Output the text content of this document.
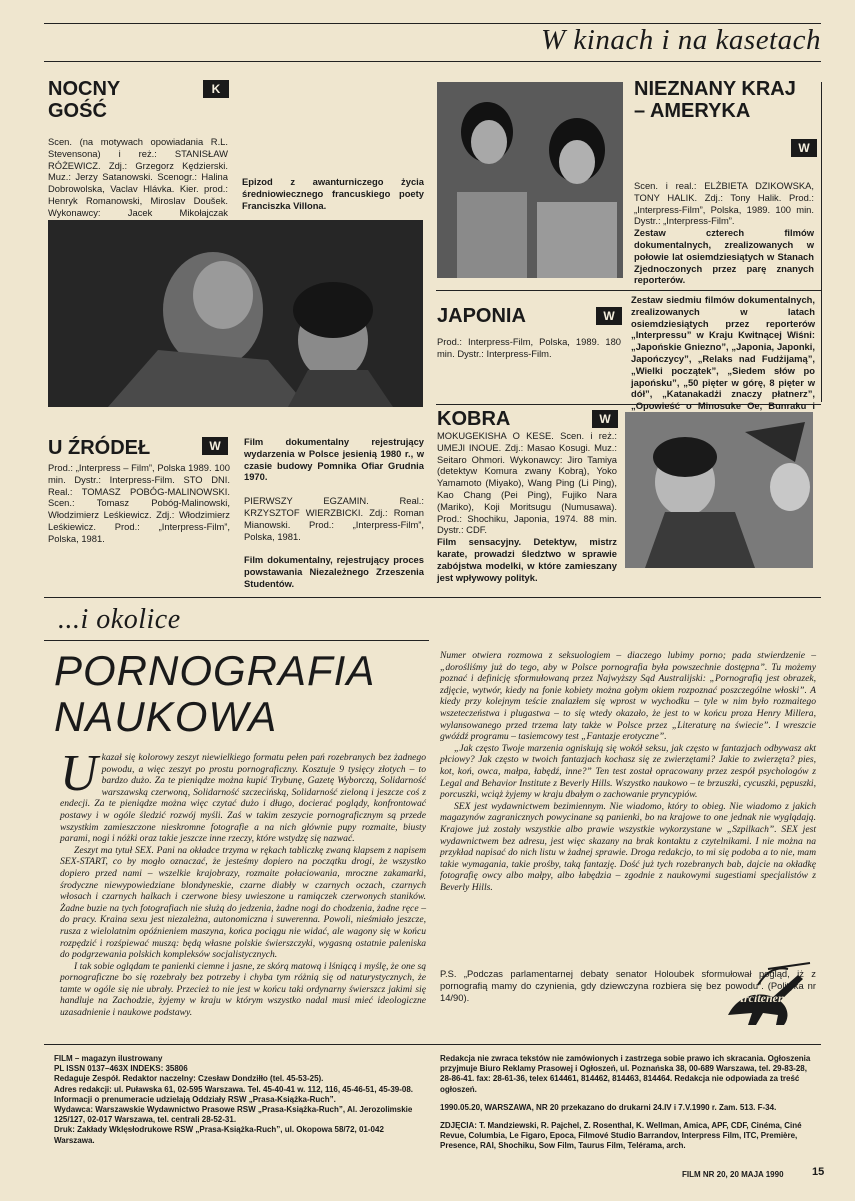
W kinach i na kasetach
NOCNY
GOŚĆ
K

Scen. (na motywach opowiadania R.L. Stevensona) i reż.: STANISŁAW RÓŻEWICZ. Zdj.: Grzegorz Kędzierski. Muz.: Jerzy Satanowski. Scenogr.: Halina Dobrowolska, Vaclav Hlávka. Kier. prod.: Henryk Romanowski, Miroslav Doušek. Wykonawcy: Jacek Mikołajczak

Epizod z awanturniczego życia średniowiecznego francuskiego poety Franciszka Villona.

NIEZNANY KRAJ
– AMERYKA
W

Scen. i real.: ELŻBIETA DZIKOWSKA, TONY HALIK. Zdj.: Tony Halik. Prod.: „Interpress-Film”, Polska, 1989. 100 min. Dystr.: „Interpress-Film”.

Zestaw czterech filmów dokumentalnych, zrealizowanych w połowie lat osiemdziesiątych w Stanach Zjednoczonych przez parę znanych reporterów.

JAPONIA	W

Prod.: Interpress-Film, Polska, 1989. 180 min. Dystr.: Interpress-Film.

Zestaw siedmiu filmów dokumentalnych, zrealizowanych w latach osiemdziesiątych przez reporterów „Interpressu” w Kraju Kwitnącej Wiśni: „Japońskie Gniezno”, „Japonia, Japonki, Japończycy”, „Relaks nad Fudżijamą”, „Wielki początek”, „Siedem słów po japońsku”, „50 pięter w górę, 8 pięter w dół”, „Katanakadżi znaczy płatnerz”, „Opowieść o Minosuke Oe, Bunraku i

KOBRA	W

MOKUGEKISHA O KESE. Scen. i reż.: UMEJI INOUE. Zdj.: Masao Kosugi. Muz.: Seitaro Ohmori. Wykonawcy: Jiro Tamiya (detektyw Komura zwany Kobrą), Yoko Yamamoto (Miyako), Wang Ping (Li Ping), Kao Chang (Pei Ping), Fujiko Nara (Mariko), Koji Moritsugu (Numusawa). Prod.: Shochiku, Japonia, 1974. 88 min. Dystr.: CDF.

Film sensacyjny. Detektyw, mistrz karate, prowadzi śledztwo w sprawie zabójstwa modelki, w które zamieszany jest wpływowy polityk.

U ŹRÓDEŁ	W

Prod.: „Interpress – Film”, Polska 1989. 100 min. Dystr.: Interpress-Film. STO DNI. Real.: TOMASZ POBÓG-MALINOWSKI. Scen.: Tomasz Pobóg-Malinowski, Włodzimierz Leśkiewicz. Zdj.: Włodzimierz Leśkiewicz. Prod.: „Interpress-Film”, Polska, 1981.

Film dokumentalny rejestrujący wydarzenia w Polsce jesienią 1980 r., w czasie budowy Pomnika Ofiar Grudnia 1970.

PIERWSZY EGZAMIN. Real.: KRZYSZTOF WIERZBICKI. Zdj.: Roman Mianowski. Prod.: „Interpress-Film”, Polska, 1981.

Film dokumentalny, rejestrujący proces powstawania Niezależnego Zrzeszenia Studentów.

...i okolice
PORNOGRAFIA
NAUKOWA
U kazał się kolorowy zeszyt niewielkiego formatu pełen pań rozebranych bez żadnego powodu, a więc zeszyt po prostu pornograficzny. Kosztuje 9 tysięcy złotych – to bardzo dużo. Za te pieniądze można kupić Trybunę, Gazetę Wyborczą, Solidarność warszawską czerwoną, Solidarność szczecińską, Solidarność zieloną i jeszcze coś z endecji. Za te pieniądze można więc czytać dużo i długo, docierać poglądy, konfrontować postawy i w ogóle śledzić rozwój myśli. Zaś w takim zeszycie pornograficznym są przede wszystkim zamieszczone nieskromne fotografie a na nich głównie pupy rozmaite, biusty parami, nogi i nóżki oraz takie jeszcze inne rzeczy, które wstydzę się nazwać.

Zeszyt ma tytuł SEX. Pani na okładce trzyma w rękach tabliczkę zwaną klapsem z napisem SEX-START, co by mogło oznaczać, że jesteśmy dopiero na początku drogi, że wszystko dopiero przed nami – wszelkie krajobrazy, rozmaite połaciowania, mroczne zakamarki, środyczne niewypowiedziane blondyneskie, czarne diabły w czarnych oczach, czarnych włosach i czarnych halkach i czerwone biesy uwieszone u ramiączek czerwonych staników. Żadne buzie na tych fotografiach nie służą do jedzenia, żadne nogi do chodzenia, żadne ręce – do pracy. Kraina sexu jest niezależna, autonomiczna i suwerenna. Powoli, nieśmiało jeszcze, rusza z wielolatnim opóźnieniem maszyna, końca pociągu nie widać, ale wagony się w końcu rozpędzić i rozśpiewać muszą: będą własne polskie świerszczyki, wygasną ostatnie paleniska do podgrzewania polskich kompleksów socjalistycznych.

I tak sobie oglądam te panienki ciemne i jasne, ze skórą matową i lśniącą i myślę, że one są pornograficzne bo się rozebrały bez potrzeby i chyba tym różnią się od naturystycznych, że tamte w ogóle się nie ubrały. Przecież to nie jest w końcu taki ordynarny świerszcz jakimi się handluje na Zachodzie, żyjemy w kraju w którym wszystko nadal musi mieć ideologiczne uzasadnienie i naukowe podstawy.

Numer otwiera rozmowa z seksuologiem – diaczego lubimy porno; pada stwierdzenie – „dorośliśmy już do tego, aby w Polsce pornografia była powszechnie dostępna”. Tu możemy poznać i definicję sformułowaną przez Najwyższy Sąd Australijski: „Pornografią jest obrazek, zdjęcie, wytwór, kiedy na fonie kobiety można gołym okiem rozpoznać poszczególne włoski”. A kiedy przy kolejnym teście znalazłem się wprost w wychodku – tyle w nim było rozmaitego wszeteczeństwa i plugastwa – to się wtedy okazało, że jest to w końcu proza Henry Millera, wylansowanego przed trzema laty także w Polsce przez „Literaturę na świecie”. I wreszcie gwóźdź programu – tasiemcowy test „Fantazje erotyczne”.

„Jak często Twoje marzenia ogniskują się wokół seksu, jak często w fantazjach odbywasz akt płciowy? Jak często w twoich fantazjach kochasz się ze zwierzętami? Jakie to zwierzęta? pies, kot, koń, owca, małpa, łabędź, inne?” Ten test został opracowany przez zespół psychologów z Legal and Behavior Institute z Beverly Hills. Wszystko naukowo – te brzuszki, cycuszki, pępuszki, porcuszki, wciąż żyjemy w kraju dbałym o zachowanie pryncypiów.

SEX jest wydawnictwem bezimiennym. Nie wiadomo, który to obieg. Nie wiadomo z jakich magazynów zagranicznych powycinane są panienki, bo na krajowe to one jednak nie wyglądają. Krajowe już zostały wszystkie albo prawie wszystkie wykorzystane w „Szpilkach”. SEX jest wydawnictwem bez adresu, jest więc skazany na brak kontaktu z czytelnikami. I nie można na przykład napisać do nich listu w żadnej sprawie. Droga redakcjo, to mi się podoba a to nie, mam takie wymagania, takie prośby, taką fantazję. Dość już tych rozebranych bab, dajcie na okładkę fotografię owcy albo małpy, albo łabędzia – zgodnie z naukowymi sugestiami specjalistów z Beverly Hills.

P.S. „Podczas parlamentarnej debaty senator Holoubek sformułował pogląd, iż z pornografią mamy do czynienia, gdy dziewczyna rozbiera się bez powodu”. (Polityka nr 14/90).	Arcitenens

FILM – magazyn ilustrowany

PL ISSN 0137–463X INDEKS: 35806

Redaguje Zespół. Redaktor naczelny: Czesław Dondziłło (tel. 45-53-25).

Adres redakcji: ul. Puławska 61, 02-595 Warszawa. Tel. 45-40-41 w. 112, 116, 45-46-51, 45-39-08.

Informacji o prenumeracie udzielają Oddziały RSW „Prasa-Książka-Ruch”.

Wydawca: Warszawskie Wydawnictwo Prasowe RSW „Prasa-Książka-Ruch”, Al. Jerozolimskie 125/127, 02-017 Warszawa, tel. centrali 28-52-31.

Druk: Zakłady Wklęsłodrukowe RSW „Prasa-Książka-Ruch”, ul. Okopowa 58/72, 01-042 Warszawa.

Redakcja nie zwraca tekstów nie zamówionych i zastrzega sobie prawo ich skracania. Ogłoszenia przyjmuje Biuro Reklamy Prasowej i Ogłoszeń, ul. Poznańska 38, 00-689 Warszawa, tel. 29-83-28, 28-86-41. fax: 28-61-36, telex 614461, 814462, 814463, 814464. Redakcja nie odpowiada za treść ogłoszeń.

1990.05.20, WARSZAWA, NR 20 przekazano do drukarni 24.IV i 7.V.1990 r. Zam. 513. F-34.

ZDJĘCIA: T. Mandziewski, R. Pajchel, Z. Rosenthal, K. Wellman, Amica, APF, CDF, Cinéma, Ciné Revue, Columbia, Le Figaro, Epoca, Filmové Studio Barrandov, Interpress Film, ITC, Première, Presence, RAI, Shochiku, Sow Film, Taurus Film, Telérama, arch.

FILM NR 20, 20 MAJA 1990	15
